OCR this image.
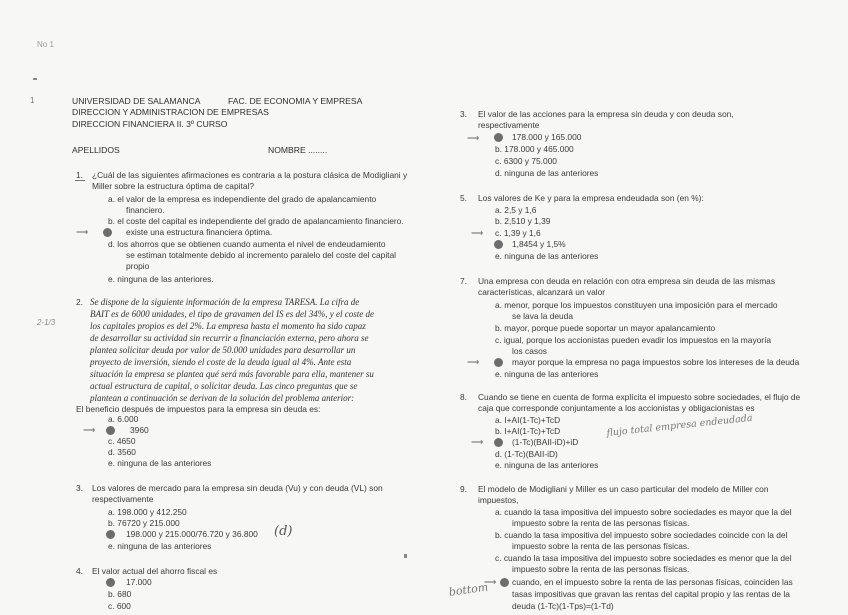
No 1
1
2-1/3
UNIVERSIDAD DE SALAMANCA	FAC. DE ECONOMIA Y EMPRESA
DIRECCION Y ADMINISTRACION DE EMPRESAS
DIRECCION FINANCIERA II. 3º CURSO
APELLIDOS	NOMBRE ........
1. ¿Cuál de las siguientes afirmaciones es contraria a la postura clásica de Modigliani y
Miller sobre la estructura óptima de capital?
a. el valor de la empresa es independiente del grado de apalancamiento
financiero.
b. el coste del capital es independiente del grado de apalancamiento financiero.
⟶	existe una estructura financiera óptima.
d. los ahorros que se obtienen cuando aumenta el nivel de endeudamiento
se estiman totalmente debido al incremento paralelo del coste del capital
propio
e. ninguna de las anteriores.
2. Se dispone de la siguiente información de la empresa TARESA. La cifra de
BAIT es de 6000 unidades, el tipo de gravamen del IS es del 34%, y el coste de
los capitales propios es del 2%. La empresa hasta el momento ha sido capaz
de desarrollar su actividad sin recurrir a financiación externa, pero ahora se
plantea solicitar deuda por valor de 50.000 unidades para desarrollar un
proyecto de inversión, siendo el coste de la deuda igual al 4%. Ante esta
situación la empresa se plantea qué será más favorable para ella, mantener su
actual estructura de capital, o solicitar deuda. Las cinco preguntas que se
plantean a continuación se derivan de la solución del problema anterior:
El beneficio después de impuestos para la empresa sin deuda es:
a. 6.000
⟶	3960
c. 4650
d. 3560
e. ninguna de las anteriores
3. Los valores de mercado para la empresa sin deuda (Vu) y con deuda (VL) son
respectivamente
a. 198.000 y 412.250
b. 76720 y 215.000
198.000 y 215.000/76.720 y 36.800 (d)
e. ninguna de las anteriores
4. El valor actual del ahorro fiscal es
17.000
b. 680
c. 600
3. El valor de las acciones para la empresa sin deuda y con deuda son,
respectivamente
⟶	178.000 y 165.000
b. 178.000 y 465.000
c. 6300 y 75.000
d. ninguna de las anteriores
5. Los valores de Ke y para la empresa endeudada son (en %):
a. 2,5 y 1,6
b. 2,510 y 1,39
⟶ c. 1,39 y 1,6
1,8454 y 1,5%
e. ninguna de las anteriores
7. Una empresa con deuda en relación con otra empresa sin deuda de las mismas
características, alcanzará un valor
a. menor, porque los impuestos constituyen una imposición para el mercado
se lava la deuda
b. mayor, porque puede soportar un mayor apalancamiento
c. igual, porque los accionistas pueden evadir los impuestos en la mayoría
los casos
⟶	mayor porque la empresa no paga impuestos sobre los intereses de la deuda
e. ninguna de las anteriores
8. Cuando se tiene en cuenta de forma explícita el impuesto sobre sociedades, el flujo de
caja que corresponde conjuntamente a los accionistas y obligacionistas es
a. I+AI(1-Tc)+TcD
b. I+AI(1-Tc)+TcD
⟶	(1-Tc)(BAII-iD)+iD
flujo total empresa endeudada
d. (1-Tc)(BAII-iD)
e. ninguna de las anteriores
9. El modelo de Modigliani y Miller es un caso particular del modelo de Miller con
impuestos,
a. cuando la tasa impositiva del impuesto sobre sociedades es mayor que la del
impuesto sobre la renta de las personas físicas.
b. cuando la tasa impositiva del impuesto sobre sociedades coincide con la del
impuesto sobre la renta de las personas físicas.
c. cuando la tasa impositiva del impuesto sobre sociedades es menor que la del
impuesto sobre la renta de las personas físicas.
bottom
⟶ cuando, en el impuesto sobre la renta de las personas físicas, coinciden las
tasas impositivas que gravan las rentas del capital propio y las rentas de la
deuda (1-Tc)(1-Tps)=(1-Td)
